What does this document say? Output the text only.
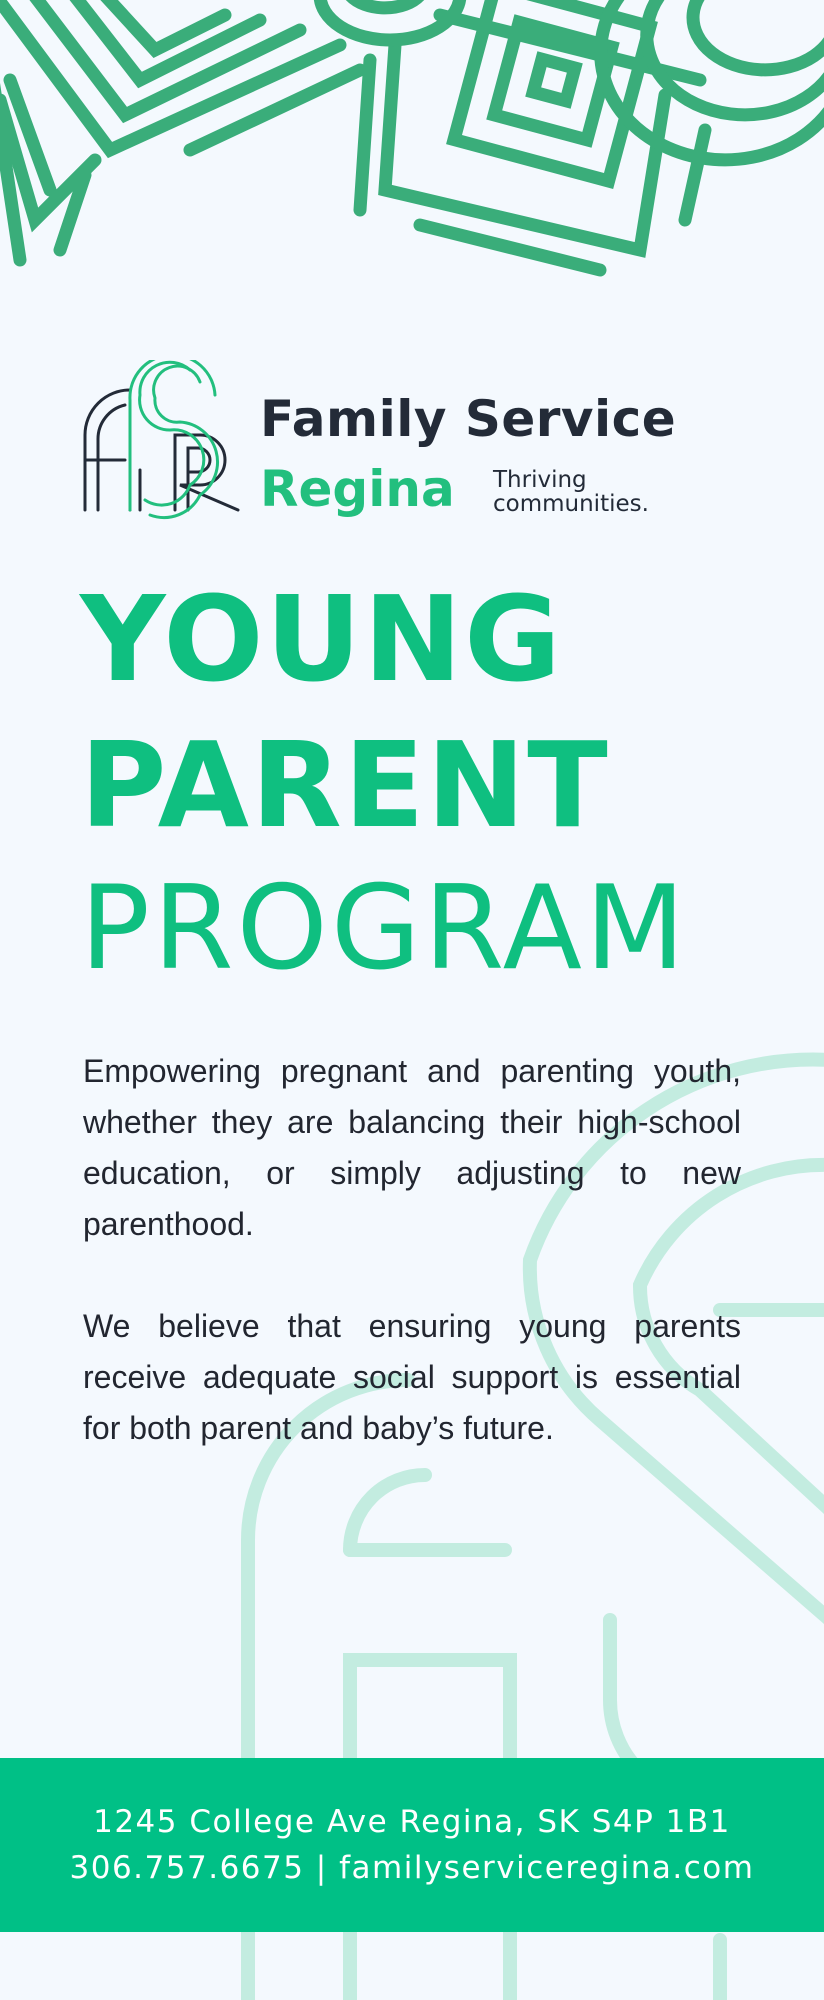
Family Service
Regina Thriving communities.
YOUNG
PARENT
PROGRAM

Empowering pregnant and parenting youth, whether they are balancing their high-school education, or simply adjusting to new parenthood.

We believe that ensuring young parents receive adequate social support is essential for both parent and baby’s future.

1245 College Ave Regina, SK S4P 1B1
306.757.6675 | familyserviceregina.com
